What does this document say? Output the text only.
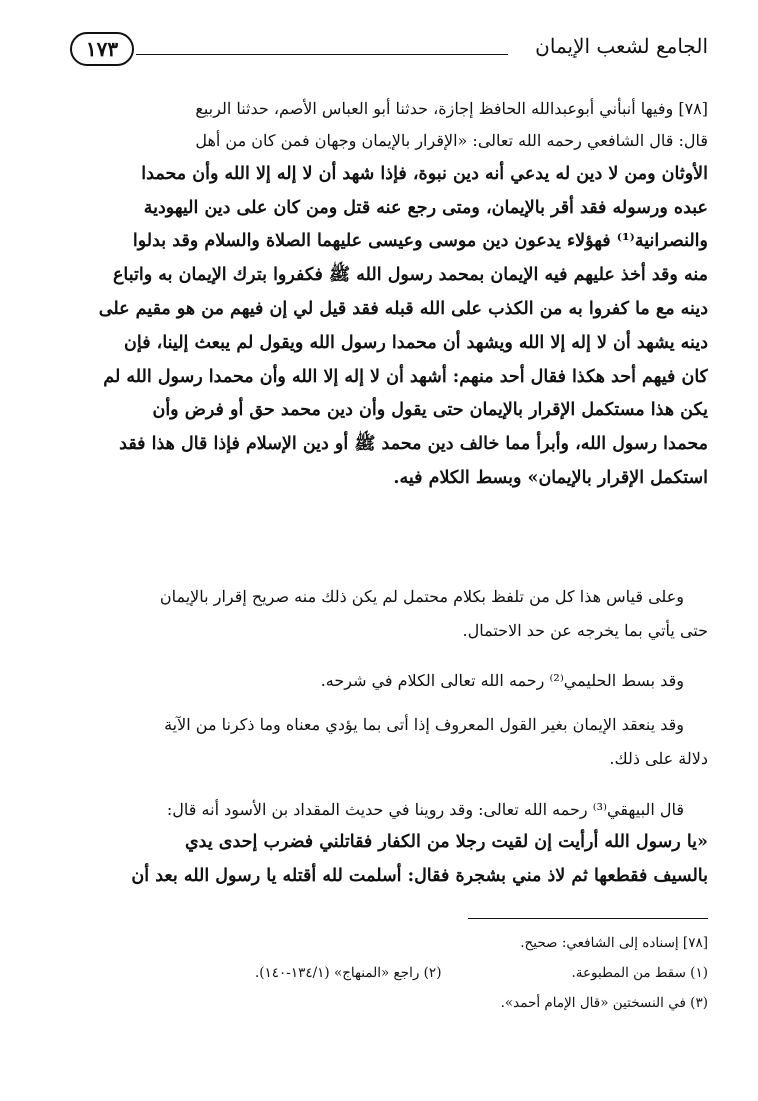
١٧٣	الجامع لشعب الإيمان
[٧٨] وفيها أنبأني أبوعبدالله الحافظ إجازة، حدثنا أبو العباس الأصم، حدثنا الربيع
قال: قال الشافعي رحمه الله تعالى: «الإقرار بالإيمان وجهان فمن كان من أهل
الأوثان ومن لا دين له يدعي أنه دين نبوة، فإذا شهد أن لا إله إلا الله وأن محمدا
عبده ورسوله فقد أقر بالإيمان، ومتى رجع عنه قتل ومن كان على دين اليهودية
والنصرانية⁽¹⁾ فهؤلاء يدعون دين موسى وعيسى عليهما الصلاة والسلام وقد بدلوا
منه وقد أخذ عليهم فيه الإيمان بمحمد رسول الله ﷺ فكفروا بترك الإيمان به واتباع
دينه مع ما كفروا به من الكذب على الله قبله فقد قيل لي إن فيهم من هو مقيم على
دينه يشهد أن لا إله إلا الله ويشهد أن محمدا رسول الله ويقول لم يبعث إلينا، فإن
كان فيهم أحد هكذا فقال أحد منهم: أشهد أن لا إله إلا الله وأن محمدا رسول الله لم
يكن هذا مستكمل الإقرار بالإيمان حتى يقول وأن دين محمد حق أو فرض وأن
محمدا رسول الله، وأبرأ مما خالف دين محمد ﷺ أو دين الإسلام فإذا قال هذا فقد
استكمل الإقرار بالإيمان» وبسط الكلام فيه.
وعلى قياس هذا كل من تلفظ بكلام محتمل لم يكن ذلك منه صريح إقرار بالإيمان
حتى يأتي بما يخرجه عن حد الاحتمال.
وقد بسط الحليمي⁽²⁾ رحمه الله تعالى الكلام في شرحه.
وقد ينعقد الإيمان بغير القول المعروف إذا أتى بما يؤدي معناه وما ذكرنا من الآية
دلالة على ذلك.
قال البيهقي⁽³⁾ رحمه الله تعالى: وقد روينا في حديث المقداد بن الأسود أنه قال:
«يا رسول الله أرأيت إن لقيت رجلا من الكفار فقاتلني فضرب إحدى يدي
بالسيف فقطعها ثم لاذ مني بشجرة فقال: أسلمت لله أقتله يا رسول الله بعد أن
[٧٨] إسناده إلى الشافعي: صحيح.
(١) سقط من المطبوعة.
(٢) راجع «المنهاج» (١٣٤/١-١٤٠).
(٣) في النسختين «قال الإمام أحمد».
